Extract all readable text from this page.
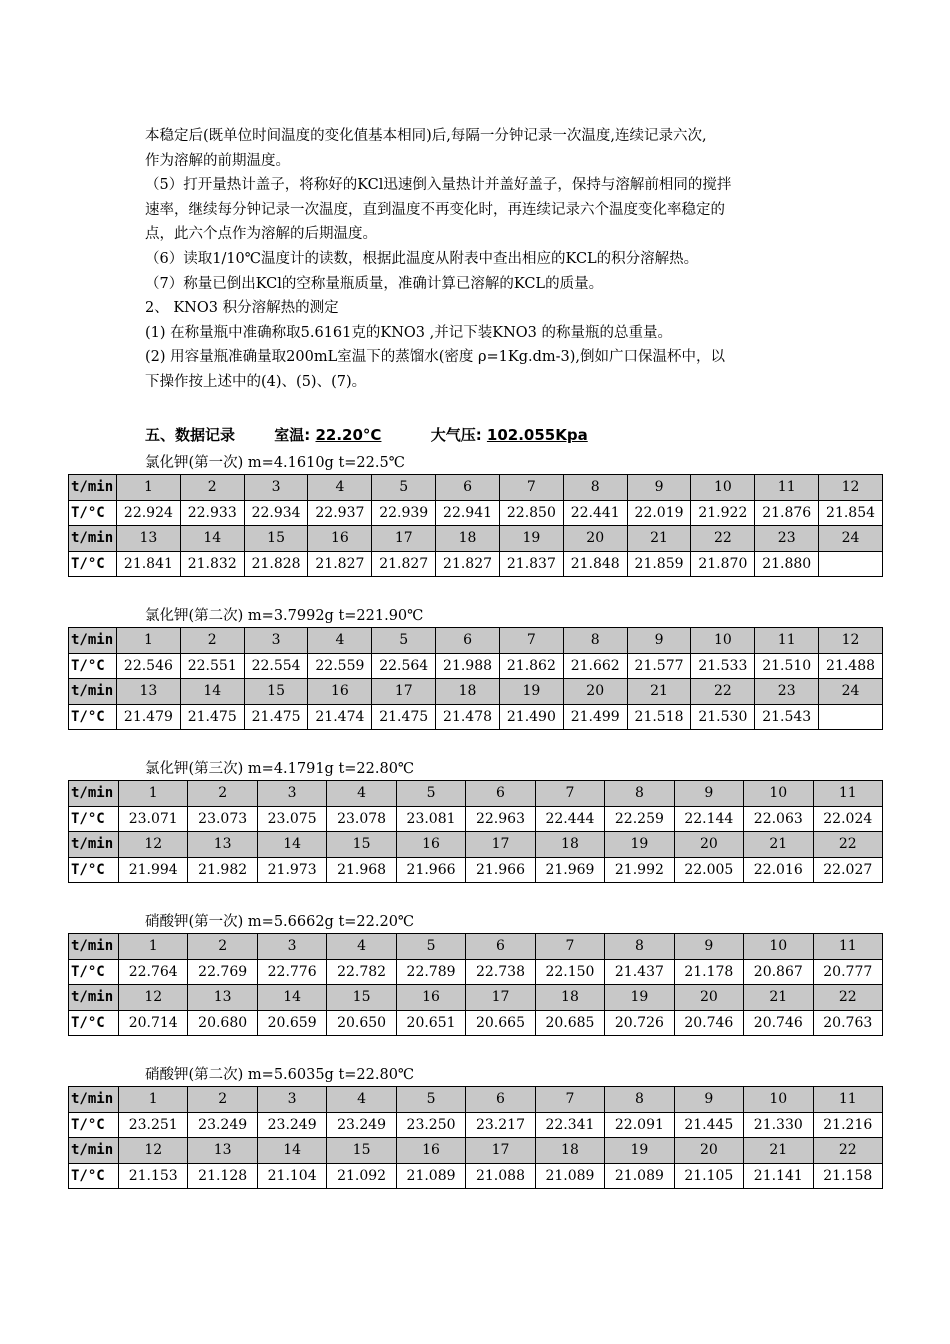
本稳定后(既单位时间温度的变化值基本相同)后,每隔一分钟记录一次温度,连续记录六次,
作为溶解的前期温度。
（5）打开量热计盖子，将称好的KCl迅速倒入量热计并盖好盖子，保持与溶解前相同的搅拌
速率，继续每分钟记录一次温度，直到温度不再变化时，再连续记录六个温度变化率稳定的
点，此六个点作为溶解的后期温度。
（6）读取1/10℃温度计的读数，根据此温度从附表中查出相应的KCL的积分溶解热。
（7）称量已倒出KCl的空称量瓶质量，准确计算已溶解的KCL的质量。
2、 KNO3 积分溶解热的测定
(1) 在称量瓶中准确称取5.6161克的KNO3 ,并记下装KNO3 的称量瓶的总重量。
(2) 用容量瓶准确量取200mL室温下的蒸馏水(密度 ρ=1Kg.dm-3),倒如广口保温杯中，以
下操作按上述中的(4)、(5)、(7)。
五、数据记录	室温: 22.20°C	大气压: 102.055Kpa
氯化钾(第一次) m=4.1610g t=22.5℃
t/min	1	2	3	4	5	6	7	8	9	10	11	12
T/°C	22.924	22.933	22.934	22.937	22.939	22.941	22.850	22.441	22.019	21.922	21.876	21.854
t/min	13	14	15	16	17	18	19	20	21	22	23	24
T/°C	21.841	21.832	21.828	21.827	21.827	21.827	21.837	21.848	21.859	21.870	21.880	
氯化钾(第二次) m=3.7992g t=221.90℃
t/min	1	2	3	4	5	6	7	8	9	10	11	12
T/°C	22.546	22.551	22.554	22.559	22.564	21.988	21.862	21.662	21.577	21.533	21.510	21.488
t/min	13	14	15	16	17	18	19	20	21	22	23	24
T/°C	21.479	21.475	21.475	21.474	21.475	21.478	21.490	21.499	21.518	21.530	21.543	
氯化钾(第三次) m=4.1791g t=22.80℃
t/min	1	2	3	4	5	6	7	8	9	10	11
T/°C	23.071	23.073	23.075	23.078	23.081	22.963	22.444	22.259	22.144	22.063	22.024
t/min	12	13	14	15	16	17	18	19	20	21	22
T/°C	21.994	21.982	21.973	21.968	21.966	21.966	21.969	21.992	22.005	22.016	22.027
硝酸钾(第一次) m=5.6662g t=22.20℃
t/min	1	2	3	4	5	6	7	8	9	10	11
T/°C	22.764	22.769	22.776	22.782	22.789	22.738	22.150	21.437	21.178	20.867	20.777
t/min	12	13	14	15	16	17	18	19	20	21	22
T/°C	20.714	20.680	20.659	20.650	20.651	20.665	20.685	20.726	20.746	20.746	20.763
硝酸钾(第二次) m=5.6035g t=22.80℃
t/min	1	2	3	4	5	6	7	8	9	10	11
T/°C	23.251	23.249	23.249	23.249	23.250	23.217	22.341	22.091	21.445	21.330	21.216
t/min	12	13	14	15	16	17	18	19	20	21	22
T/°C	21.153	21.128	21.104	21.092	21.089	21.088	21.089	21.089	21.105	21.141	21.158
